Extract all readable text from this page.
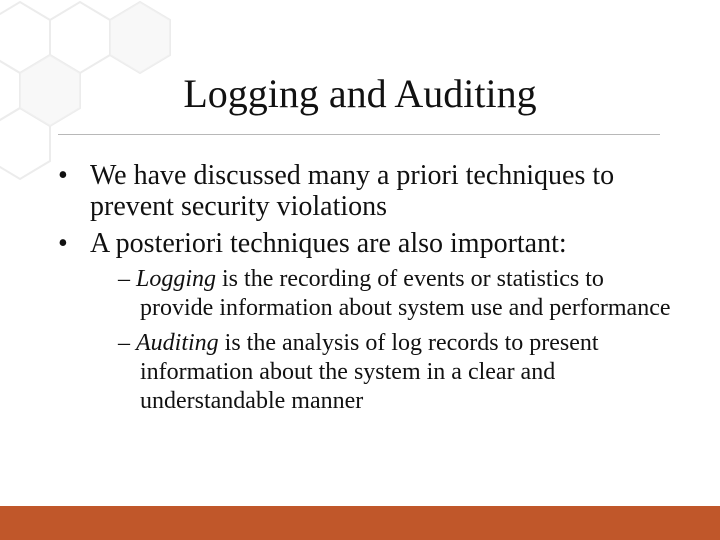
Logging and Auditing
• We have discussed many a priori techniques to prevent security violations
• A posteriori techniques are also important:
– Logging is the recording of events or statistics to provide information about system use and performance
– Auditing is the analysis of log records to present information about the system in a clear and understandable manner
